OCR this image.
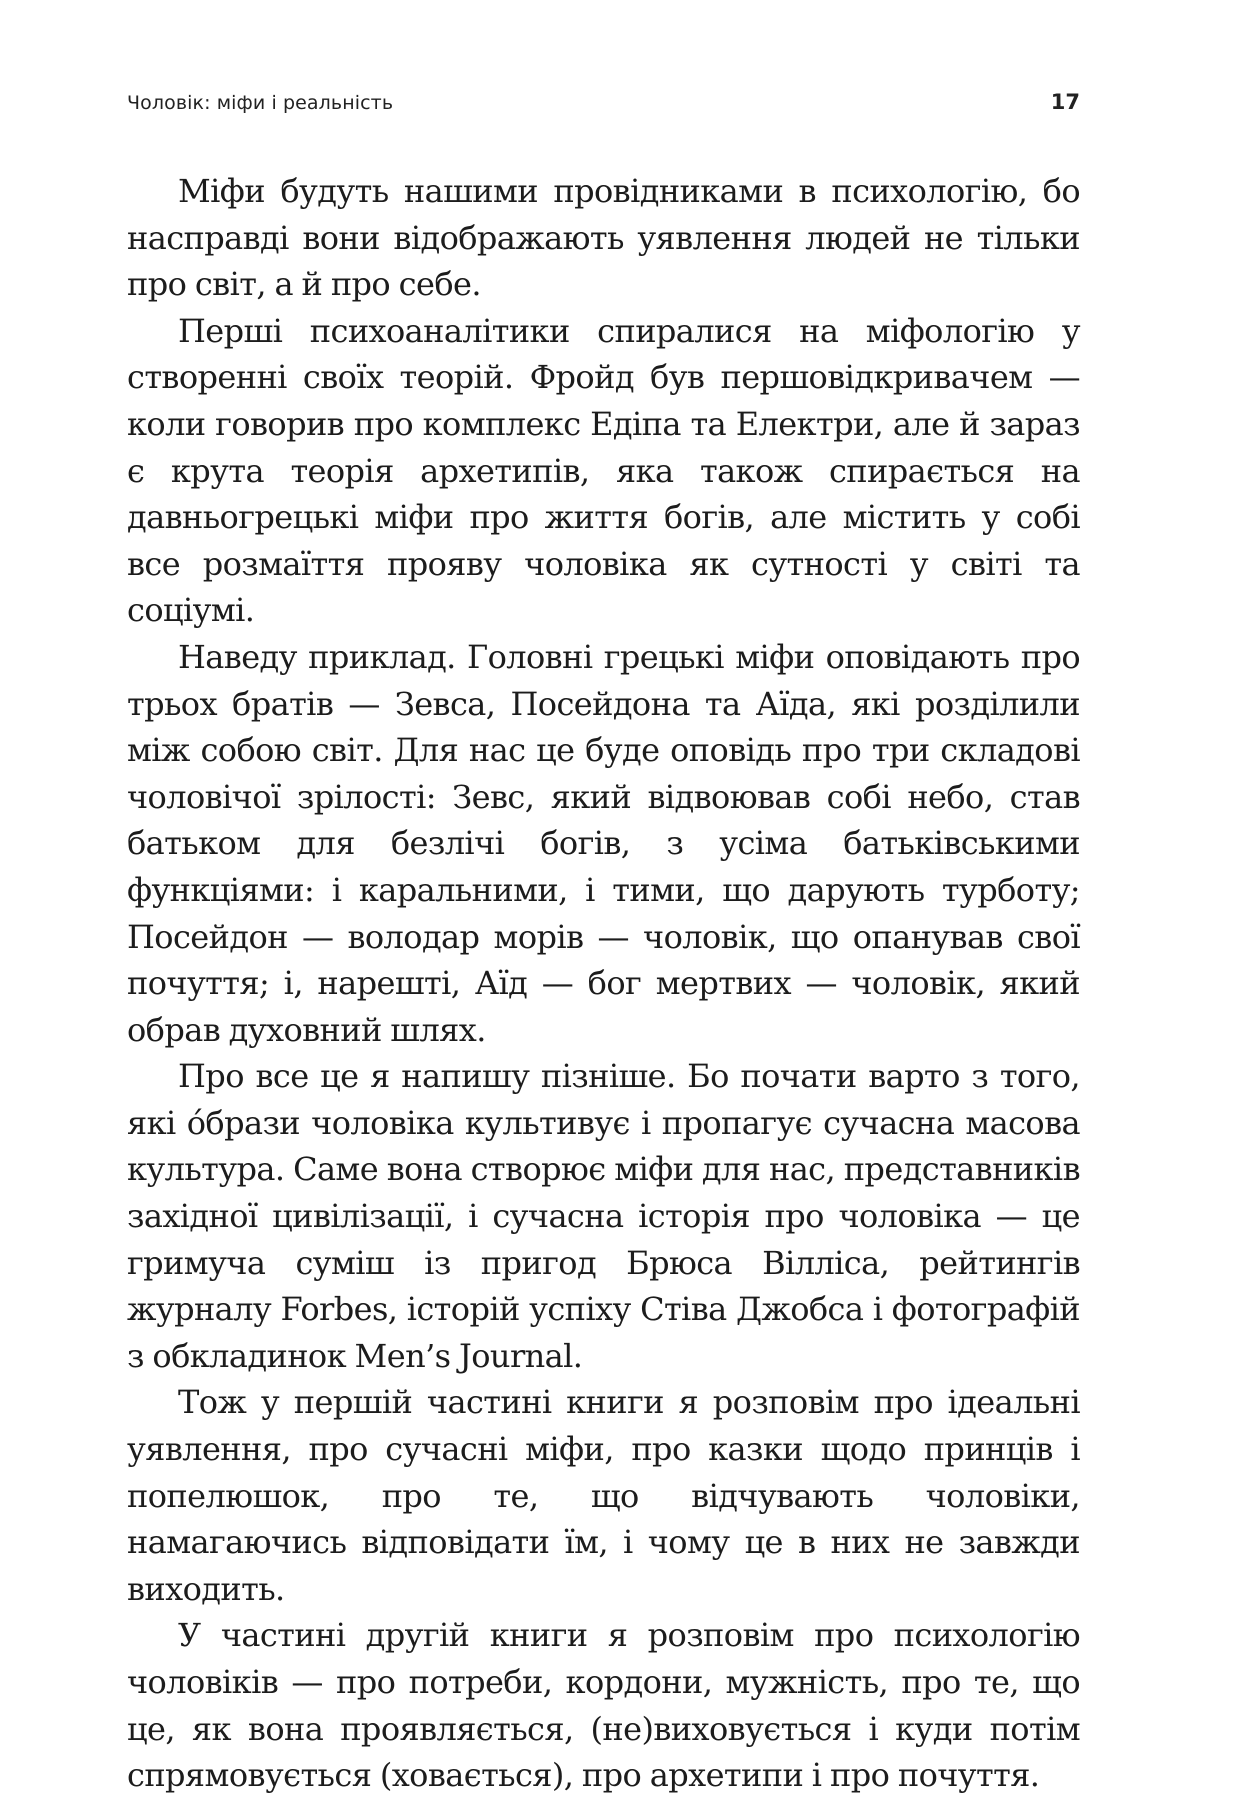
Чоловік: міфи і реальність	17

Міфи будуть нашими провідниками в психологію, бо насправді вони відображають уявлення людей не тільки про світ, а й про себе.

Перші психоаналітики спиралися на міфологію у створенні своїх теорій. Фройд був першовідкривачем — коли говорив про комплекс Едіпа та Електри, але й зараз є крута теорія архетипів, яка також спирається на давньогрецькі міфи про життя богів, але містить у собі все розмаїття прояву чоловіка як сутності у світі та соціумі.

Наведу приклад. Головні грецькі міфи оповідають про трьох братів — Зевса, Посейдона та Аїда, які розділили між собою світ. Для нас це буде оповідь про три складові чоловічої зрілості: Зевс, який відвоював собі небо, став батьком для безлічі богів, з усіма батьківськими функціями: і каральними, і тими, що дарують турботу; Посейдон — володар морів — чоловік, що опанував свої почуття; і, нарешті, Аїд — бог мертвих — чоловік, який обрав духовний шлях.

Про все це я напишу пізніше. Бо почати варто з того, які óбрази чоловіка культивує і пропагує сучасна масова культура. Саме вона створює міфи для нас, представників західної цивілізації, і сучасна історія про чоловіка — це гримуча суміш із пригод Брюса Вілліса, рейтингів журналу Forbes, історій успіху Стіва Джобса і фотографій з обкладинок Men’s Journal.

Тож у першій частині книги я розповім про ідеальні уявлення, про сучасні міфи, про казки щодо принців і попелюшок, про те, що відчувають чоловіки, намагаючись відповідати їм, і чому це в них не завжди виходить.

У частині другій книги я розповім про психологію чоловіків — про потреби, кордони, мужність, про те, що це, як вона проявляється, (не)виховується і куди потім спрямовується (ховається), про архетипи і про почуття.
